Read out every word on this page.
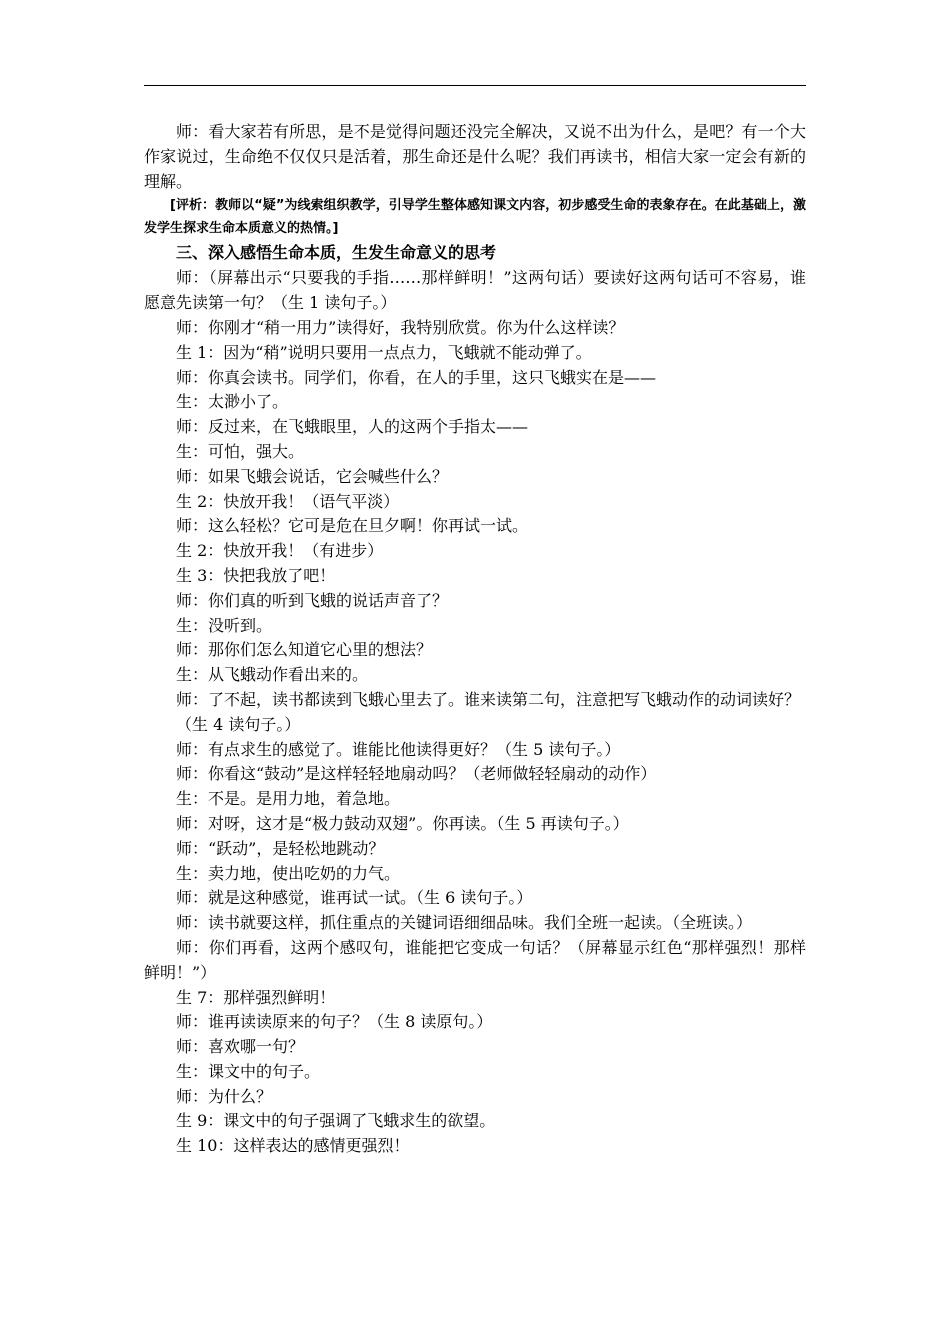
师：看大家若有所思，是不是觉得问题还没完全解决，又说不出为什么，是吧？有一个大作家说过，生命绝不仅仅只是活着，那生命还是什么呢？我们再读书，相信大家一定会有新的理解。

[评析：教师以“疑”为线索组织教学，引导学生整体感知课文内容，初步感受生命的表象存在。在此基础上，激发学生探求生命本质意义的热情。]

三、深入感悟生命本质，生发生命意义的思考

师：（屏幕出示“只要我的手指……那样鲜明！”这两句话）要读好这两句话可不容易，谁愿意先读第一句？（生 1 读句子。）

师：你刚才“稍一用力”读得好，我特别欣赏。你为什么这样读？

生 1：因为“稍”说明只要用一点点力，飞蛾就不能动弹了。

师：你真会读书。同学们，你看，在人的手里，这只飞蛾实在是——

生：太渺小了。

师：反过来，在飞蛾眼里，人的这两个手指太——

生：可怕，强大。

师：如果飞蛾会说话，它会喊些什么？

生 2：快放开我！（语气平淡）

师：这么轻松？它可是危在旦夕啊！你再试一试。

生 2：快放开我！（有进步）

生 3：快把我放了吧！

师：你们真的听到飞蛾的说话声音了？

生：没听到。

师：那你们怎么知道它心里的想法？

生：从飞蛾动作看出来的。

师：了不起，读书都读到飞蛾心里去了。谁来读第二句，注意把写飞蛾动作的动词读好？

（生 4 读句子。）

师：有点求生的感觉了。谁能比他读得更好？（生 5 读句子。）

师：你看这“鼓动”是这样轻轻地扇动吗？（老师做轻轻扇动的动作）

生：不是。是用力地，着急地。

师：对呀，这才是“极力鼓动双翅”。你再读。（生 5 再读句子。）

师：“跃动”，是轻松地跳动？

生：卖力地，使出吃奶的力气。

师：就是这种感觉，谁再试一试。（生 6 读句子。）

师：读书就要这样，抓住重点的关键词语细细品味。我们全班一起读。（全班读。）

师：你们再看，这两个感叹句，谁能把它变成一句话？（屏幕显示红色“那样强烈！那样鲜明！”）

生 7：那样强烈鲜明！

师：谁再读读原来的句子？（生 8 读原句。）

师：喜欢哪一句？

生：课文中的句子。

师：为什么？

生 9：课文中的句子强调了飞蛾求生的欲望。

生 10：这样表达的感情更强烈！
